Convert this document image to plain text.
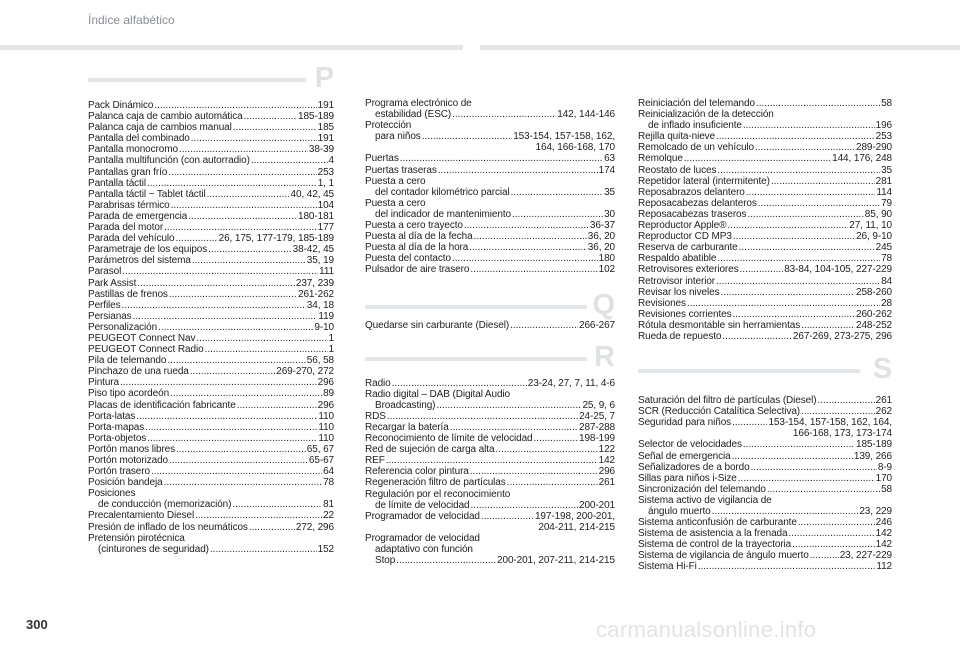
Índice alfabético
P
Pack Dinámico .....	191
Palanca caja de cambio automática .....	185-189
Palanca caja de cambios manual .....	185
Pantalla del combinado .....	191
Pantalla monocromo .....	38-39
Pantalla multifunción (con autorradio) .....	4
Pantallas gran frío .....	253
Pantalla táctil .....	1, 1
Pantalla táctil ~ Tablet táctil .....	40, 42, 45
Parabrisas térmico .....	104
Parada de emergencia .....	180-181
Parada del motor .....	177
Parada del vehículo .....	26, 175, 177-179, 185-189
Parametraje de los equipos .....	38-42, 45
Parámetros del sistema .....	35, 19
Parasol .....	111
Park Assist .....	237, 239
Pastillas de frenos .....	261-262
Perfiles .....	34, 18
Persianas .....	119
Personalización .....	9-10
PEUGEOT Connect Nav .....	1
PEUGEOT Connect Radio .....	1
Pila de telemando .....	56, 58
Pinchazo de una rueda .....	269-270, 272
Pintura .....	296
Piso tipo acordeón .....	89
Placas de identificación fabricante .....	296
Porta-latas .....	110
Porta-mapas .....	110
Porta-objetos .....	110
Portón manos libres .....	65, 67
Portón motorizado .....	65-67
Portón trasero .....	64
Posición bandeja .....	78
Posiciones
de conducción (memorización) .....	81
Precalentamiento Diesel .....	22
Presión de inflado de los neumáticos .....	272, 296
Pretensión pirotécnica
(cinturones de seguridad) .....	152
Programa electrónico de
estabilidad (ESC) .....	142, 144-146
Protección
para niños .....	153-154, 157-158, 162,
164, 166-168, 170
Puertas .....	63
Puertas traseras .....	174
Puesta a cero
del contador kilométrico parcial .....	35
Puesta a cero
del indicador de mantenimiento .....	30
Puesta a cero trayecto .....	36-37
Puesta al día de la fecha .....	36, 20
Puesta al día de la hora .....	36, 20
Puesta del contacto .....	180
Pulsador de aire trasero .....	102
Q
Quedarse sin carburante (Diesel) .....	266-267
R
Radio .....	23-24, 27, 7, 11, 4-6
Radio digital – DAB (Digital Audio
Broadcasting) .....	25, 9, 6
RDS .....	24-25, 7
Recargar la batería .....	287-288
Reconocimiento de límite de velocidad .....	198-199
Red de sujeción de carga alta .....	122
REF .....	142
Referencia color pintura .....	296
Regeneración filtro de partículas .....	261
Regulación por el reconocimiento
de límite de velocidad .....	200-201
Programador de velocidad .....	197-198, 200-201,
204-211, 214-215
Programador de velocidad
adaptativo con función
Stop .....	200-201, 207-211, 214-215
Reiniciación del telemando .....	58
Reinicialización de la detección
de inflado insuficiente .....	196
Rejilla quita-nieve .....	253
Remolcado de un vehículo .....	289-290
Remolque .....	144, 176, 248
Reostato de luces .....	35
Repetidor lateral (intermitente) .....	281
Reposabrazos delantero .....	114
Reposacabezas delanteros .....	79
Reposacabezas traseros .....	85, 90
Reproductor Apple® .....	27, 11, 10
Reproductor CD MP3 .....	26, 9-10
Reserva de carburante .....	245
Respaldo abatible .....	78
Retrovisores exteriores .....	83-84, 104-105, 227-229
Retrovisor interior .....	84
Revisar los niveles .....	258-260
Revisiones .....	28
Revisiones corrientes .....	260-262
Rótula desmontable sin herramientas .....	248-252
Rueda de repuesto .....	267-269, 273-275, 296
S
Saturación del filtro de partículas (Diesel) .....	261
SCR (Reducción Catalítica Selectiva) .....	262
Seguridad para niños .....	153-154, 157-158, 162, 164,
166-168, 173, 173-174
Selector de velocidades .....	185-189
Señal de emergencia .....	139, 266
Señalizadores de a bordo .....	8-9
Sillas para niños i-Size .....	170
Sincronización del telemando .....	58
Sistema activo de vigilancia de
ángulo muerto .....	23, 229
Sistema anticonfusión de carburante .....	246
Sistema de asistencia a la frenada .....	142
Sistema de control de la trayectoria .....	142
Sistema de vigilancia de ángulo muerto .....	23, 227-229
Sistema Hi-Fi .....	112
300	carmanualsonline.info
